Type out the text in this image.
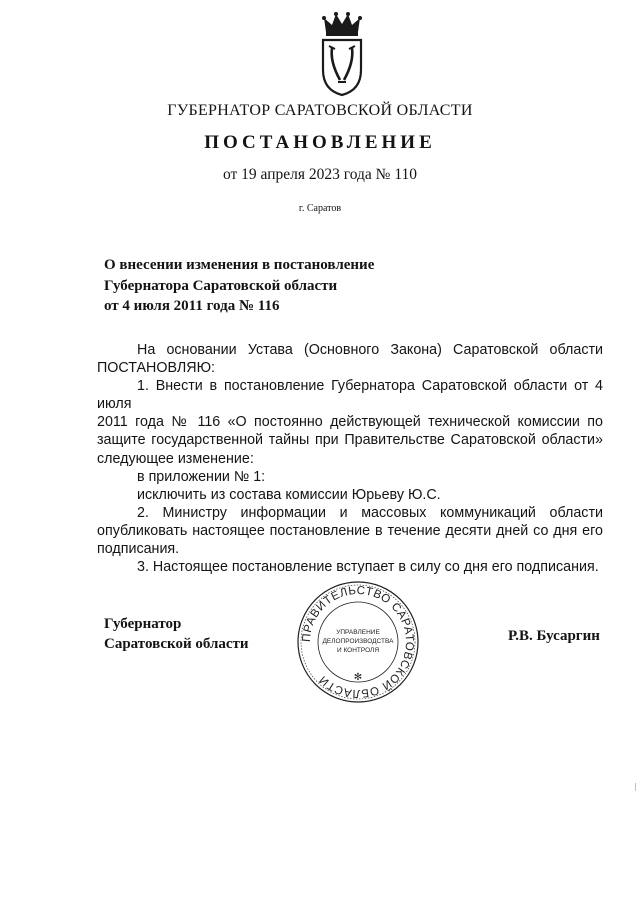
ГУБЕРНАТОР САРАТОВСКОЙ ОБЛАСТИ
ПОСТАНОВЛЕНИЕ
от 19 апреля 2023 года № 110
г. Саратов
О внесении изменения в постановление
Губернатора Саратовской области
от 4 июля 2011 года № 116

На основании Устава (Основного Закона) Саратовской области

ПОСТАНОВЛЯЮ:

1. Внести в постановление Губернатора Саратовской области от 4 июля

2011 года № 116 «О постоянно действующей технической комиссии по защите государственной тайны при Правительстве Саратовской области» следующее изменение:

в приложении № 1:

исключить из состава комиссии Юрьеву Ю.С.

2. Министру информации и массовых коммуникаций области

опубликовать настоящее постановление в течение десяти дней со дня его подписания.

3. Настоящее постановление вступает в силу со дня его подписания.

Губернатор
Саратовской области	ПРАВИТЕЛЬСТВО САРАТОВСКОЙ ОБЛАСТИ
УПРАВЛЕНИЕ
ДЕЛОПРОИЗВОДСТВА
И КОНТРОЛЯ
✻
Р.В. Бусаргин
—
